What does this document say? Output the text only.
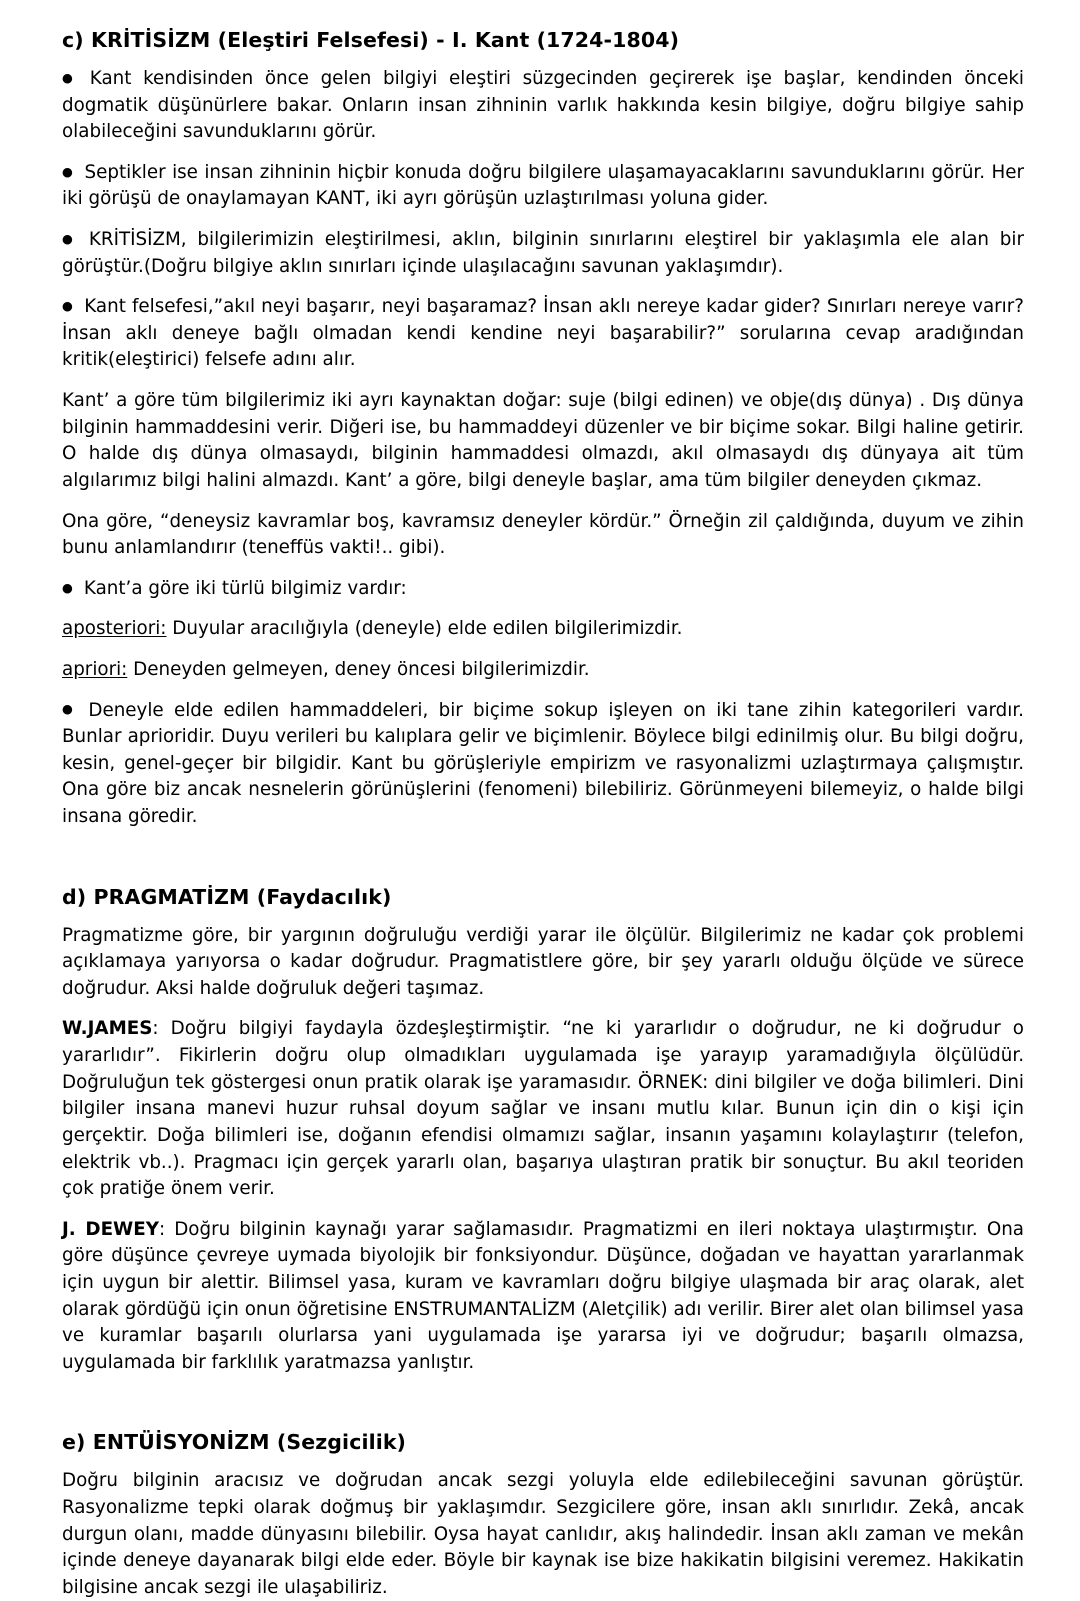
c) KRİTİSİZM (Eleştiri Felsefesi) - I. Kant (1724-1804)

● Kant kendisinden önce gelen bilgiyi eleştiri süzgecinden geçirerek işe başlar, kendinden önceki dogmatik düşünürlere bakar. Onların insan zihninin varlık hakkında kesin bilgiye, doğru bilgiye sahip olabileceğini savunduklarını görür.

● Septikler ise insan zihninin hiçbir konuda doğru bilgilere ulaşamayacaklarını savunduklarını görür. Her iki görüşü de onaylamayan KANT, iki ayrı görüşün uzlaştırılması yoluna gider.

● KRİTİSİZM, bilgilerimizin eleştirilmesi, aklın, bilginin sınırlarını eleştirel bir yaklaşımla ele alan bir görüştür.(Doğru bilgiye aklın sınırları içinde ulaşılacağını savunan yaklaşımdır).

● Kant felsefesi,”akıl neyi başarır, neyi başaramaz? İnsan aklı nereye kadar gider? Sınırları nereye varır? İnsan aklı deneye bağlı olmadan kendi kendine neyi başarabilir?” sorularına cevap aradığından kritik(eleştirici) felsefe adını alır.

Kant’ a göre tüm bilgilerimiz iki ayrı kaynaktan doğar: suje (bilgi edinen) ve obje(dış dünya) . Dış dünya bilginin hammaddesini verir. Diğeri ise, bu hammaddeyi düzenler ve bir biçime sokar. Bilgi haline getirir. O halde dış dünya olmasaydı, bilginin hammaddesi olmazdı, akıl olmasaydı dış dünyaya ait tüm algılarımız bilgi halini almazdı. Kant’ a göre, bilgi deneyle başlar, ama tüm bilgiler deneyden çıkmaz.

Ona göre, “deneysiz kavramlar boş, kavramsız deneyler kördür.” Örneğin zil çaldığında, duyum ve zihin bunu anlamlandırır (teneffüs vakti!.. gibi).

● Kant’a göre iki türlü bilgimiz vardır:

aposteriori: Duyular aracılığıyla (deneyle) elde edilen bilgilerimizdir.

apriori: Deneyden gelmeyen, deney öncesi bilgilerimizdir.

● Deneyle elde edilen hammaddeleri, bir biçime sokup işleyen on iki tane zihin kategorileri vardır. Bunlar aprioridir. Duyu verileri bu kalıplara gelir ve biçimlenir. Böylece bilgi edinilmiş olur. Bu bilgi doğru, kesin, genel-geçer bir bilgidir. Kant bu görüşleriyle empirizm ve rasyonalizmi uzlaştırmaya çalışmıştır. Ona göre biz ancak nesnelerin görünüşlerini (fenomeni) bilebiliriz. Görünmeyeni bilemeyiz, o halde bilgi insana göredir.

d) PRAGMATİZM (Faydacılık)

Pragmatizme göre, bir yargının doğruluğu verdiği yarar ile ölçülür. Bilgilerimiz ne kadar çok problemi açıklamaya yarıyorsa o kadar doğrudur. Pragmatistlere göre, bir şey yararlı olduğu ölçüde ve sürece doğrudur. Aksi halde doğruluk değeri taşımaz.

W.JAMES: Doğru bilgiyi faydayla özdeşleştirmiştir. “ne ki yararlıdır o doğrudur, ne ki doğrudur o yararlıdır”. Fikirlerin doğru olup olmadıkları uygulamada işe yarayıp yaramadığıyla ölçülüdür. Doğruluğun tek göstergesi onun pratik olarak işe yaramasıdır. ÖRNEK: dini bilgiler ve doğa bilimleri. Dini bilgiler insana manevi huzur ruhsal doyum sağlar ve insanı mutlu kılar. Bunun için din o kişi için gerçektir. Doğa bilimleri ise, doğanın efendisi olmamızı sağlar, insanın yaşamını kolaylaştırır (telefon, elektrik vb..). Pragmacı için gerçek yararlı olan, başarıya ulaştıran pratik bir sonuçtur. Bu akıl teoriden çok pratiğe önem verir.

J. DEWEY: Doğru bilginin kaynağı yarar sağlamasıdır. Pragmatizmi en ileri noktaya ulaştırmıştır. Ona göre düşünce çevreye uymada biyolojik bir fonksiyondur. Düşünce, doğadan ve hayattan yararlanmak için uygun bir alettir. Bilimsel yasa, kuram ve kavramları doğru bilgiye ulaşmada bir araç olarak, alet olarak gördüğü için onun öğretisine ENSTRUMANTALİZM (Aletçilik) adı verilir. Birer alet olan bilimsel yasa ve kuramlar başarılı olurlarsa yani uygulamada işe yararsa iyi ve doğrudur; başarılı olmazsa, uygulamada bir farklılık yaratmazsa yanlıştır.

e) ENTÜİSYONİZM (Sezgicilik)

Doğru bilginin aracısız ve doğrudan ancak sezgi yoluyla elde edilebileceğini savunan görüştür. Rasyonalizme tepki olarak doğmuş bir yaklaşımdır. Sezgicilere göre, insan aklı sınırlıdır. Zekâ, ancak durgun olanı, madde dünyasını bilebilir. Oysa hayat canlıdır, akış halindedir. İnsan aklı zaman ve mekân içinde deneye dayanarak bilgi elde eder. Böyle bir kaynak ise bize hakikatin bilgisini veremez. Hakikatin bilgisine ancak sezgi ile ulaşabiliriz.
